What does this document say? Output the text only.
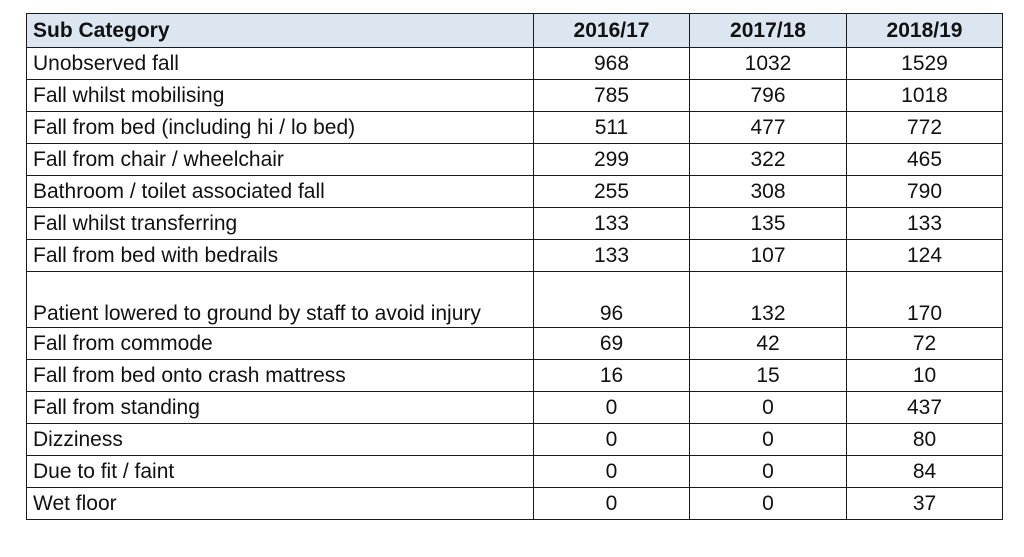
Sub Category	2016/17	2017/18	2018/19
Unobserved fall	968	1032	1529
Fall whilst mobilising	785	796	1018
Fall from bed (including hi / lo bed)	511	477	772
Fall from chair / wheelchair	299	322	465
Bathroom / toilet associated fall	255	308	790
Fall whilst transferring	133	135	133
Fall from bed with bedrails	133	107	124
Patient lowered to ground by staff to avoid injury	96	132	170
Fall from commode	69	42	72
Fall from bed onto crash mattress	16	15	10
Fall from standing	0	0	437
Dizziness	0	0	80
Due to fit / faint	0	0	84
Wet floor	0	0	37
